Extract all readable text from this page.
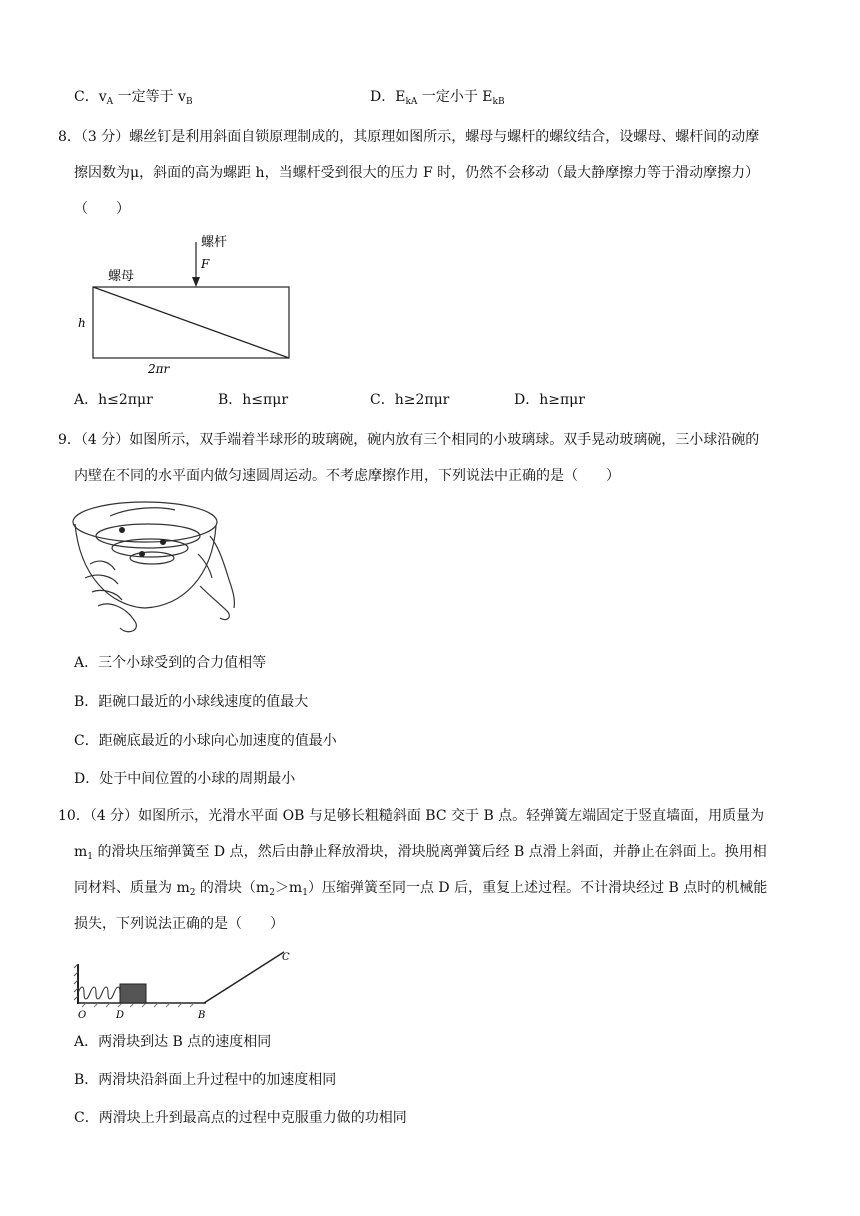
C．$v_A$ 一定等于 $v_B$	D．$E_{kA}$ 一定小于 $E_{kB}$
8．（3 分）螺丝钉是利用斜面自锁原理制成的，其原理如图所示，螺母与螺杆的螺纹结合，设螺母、螺杆间的动摩
擦因数为μ，斜面的高为螺距 h，当螺杆受到很大的压力 F 时，仍然不会移动（最大静摩擦力等于滑动摩擦力）
（　　）
螺杆
F
螺母
h
2πr
A．h≤2πμr	B．h≤πμr	C．h≥2πμr	D．h≥πμr
9．（4 分）如图所示，双手端着半球形的玻璃碗，碗内放有三个相同的小玻璃球。双手晃动玻璃碗，三小球沿碗的
内壁在不同的水平面内做匀速圆周运动。不考虑摩擦作用，下列说法中正确的是（　　）
A．三个小球受到的合力值相等
B．距碗口最近的小球线速度的值最大
C．距碗底最近的小球向心加速度的值最小
D．处于中间位置的小球的周期最小
10．（4 分）如图所示，光滑水平面 OB 与足够长粗糙斜面 BC 交于 B 点。轻弹簧左端固定于竖直墙面，用质量为
$m_1$ 的滑块压缩弹簧至 D 点，然后由静止释放滑块，滑块脱离弹簧后经 B 点滑上斜面，并静止在斜面上。换用相
同材料、质量为 $m_2$ 的滑块$(m_2>m_1)$压缩弹簧至同一点 D 后，重复上述过程。不计滑块经过 B 点时的机械能
损失，下列说法正确的是（　　）
O	D	B
C
A．两滑块到达 B 点的速度相同
B．两滑块沿斜面上升过程中的加速度相同
C．两滑块上升到最高点的过程中克服重力做的功相同
